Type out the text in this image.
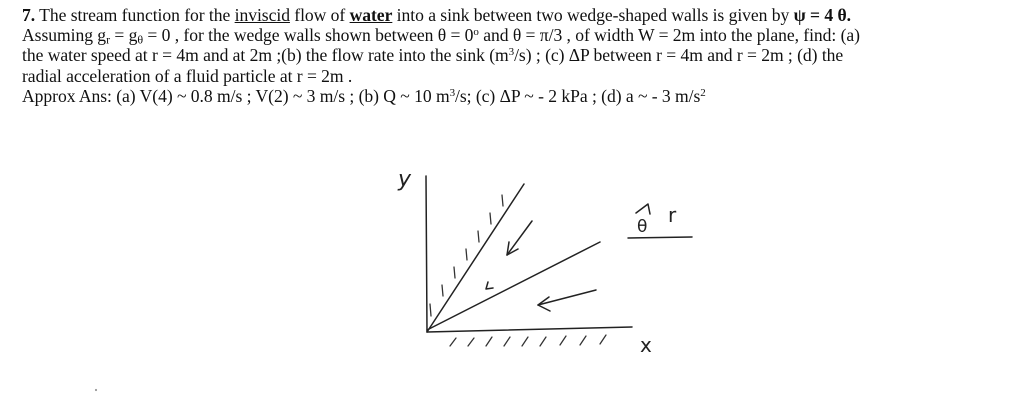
7. The stream function for the inviscid flow of water into a sink between two wedge-shaped walls is given by ψ = 4 θ.
Assuming $g_r = g_\theta = 0$ , for the wedge walls shown between $\theta = 0^o$ and θ = π/3 , of width W = 2m into the plane, find: (a)
the water speed at r = 4m and at 2m ;(b) the flow rate into the sink $(m^3/s)$ ; (c) ΔP between r = 4m and r = 2m ; (d) the
radial acceleration of a fluid particle at r = 2m .
Approx Ans: (a) V(4) ~ 0.8 m/s ; V(2) ~ 3 m/s ; (b) Q ~ 10 $m^3/s$; (c) ΔP ~ - 2 kPa ; (d) a ~ - 3 $m/s^2$
θ r
y
x
